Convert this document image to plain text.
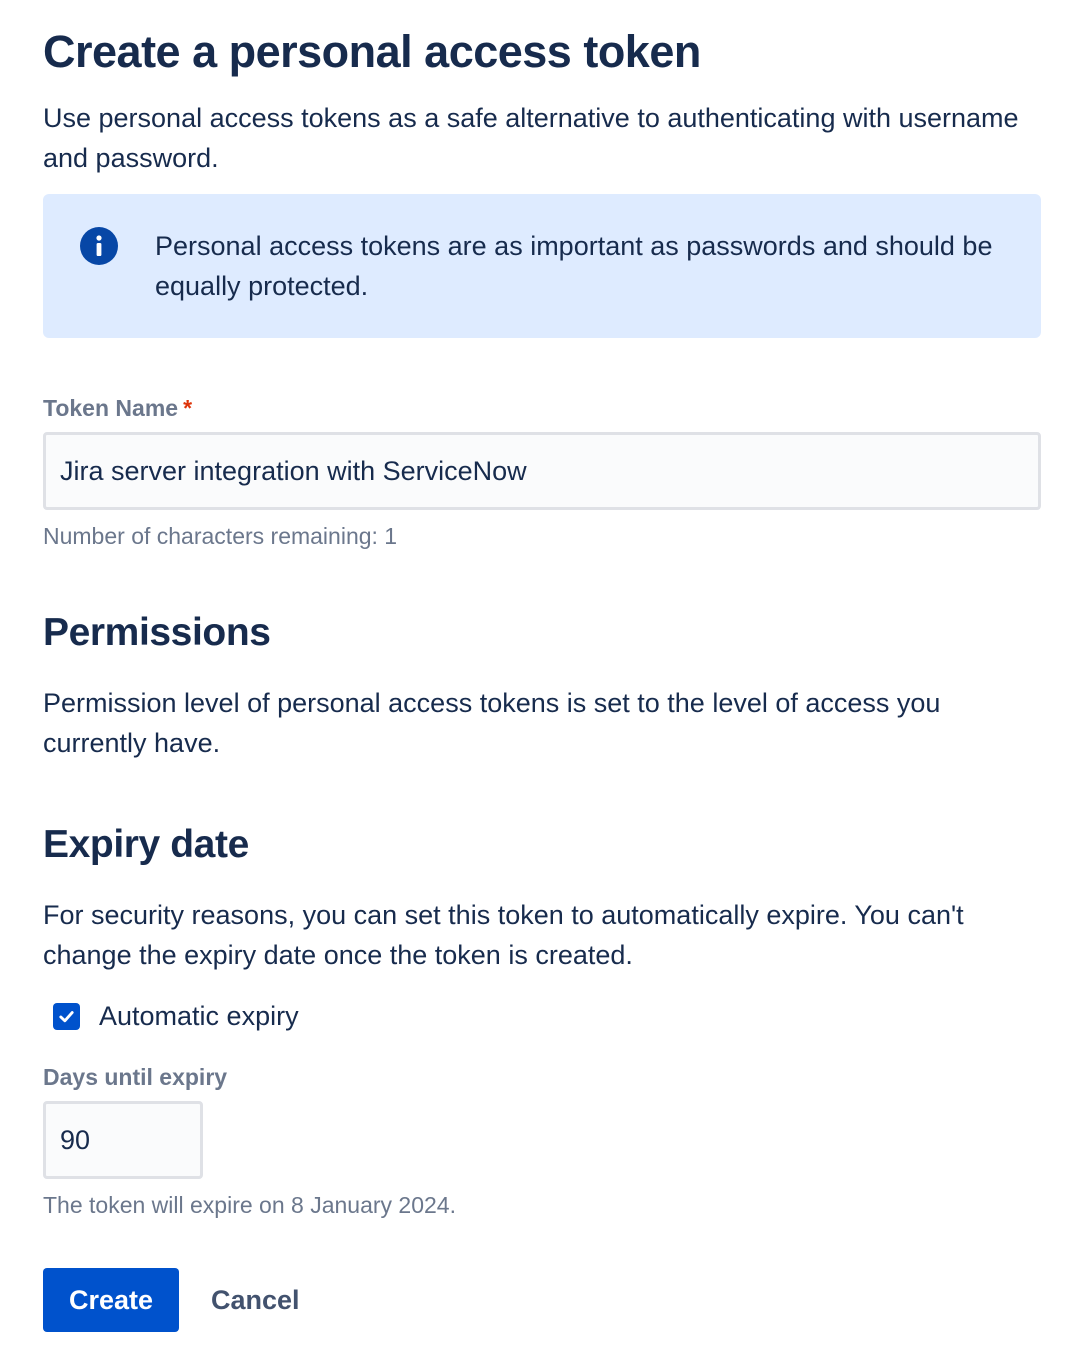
Create a personal access token

Use personal access tokens as a safe alternative to authenticating with username and password.

Personal access tokens are as important as passwords and should be equally protected.

Token Name *
Jira server integration with ServiceNow
Number of characters remaining: 1
Permissions

Permission level of personal access tokens is set to the level of access you currently have.

Expiry date

For security reasons, you can set this token to automatically expire. You can't change the expiry date once the token is created.

Automatic expiry
Days until expiry
90
The token will expire on 8 January 2024.
Create	Cancel
